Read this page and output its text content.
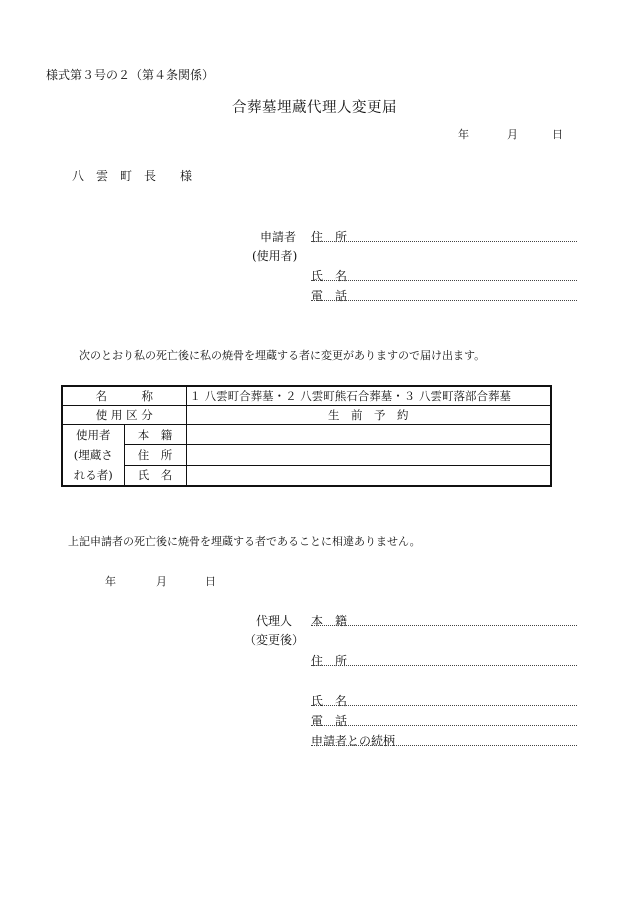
様式第３号の２（第４条関係）
合葬墓埋蔵代理人変更届
年	月	日
八　雲　町　長　　様
申請者 住　所
(使用者)
氏　名
電　話
次のとおり私の死亡後に私の焼骨を埋蔵する者に変更がありますので届け出ます。
名　　　称		１ 八雲町合葬墓・２ 八雲町熊石合葬墓・３ 八雲町落部合葬墓
使 用 区 分		生　前　予　約

使用者
(埋蔵さ
れる者)	本　籍	
	住　所	
	氏　名	
上記申請者の死亡後に焼骨を埋蔵する者であることに相違ありません。
年	月	日
代理人 本　籍
（変更後）
住　所
氏　名
電　話
申請者との続柄
